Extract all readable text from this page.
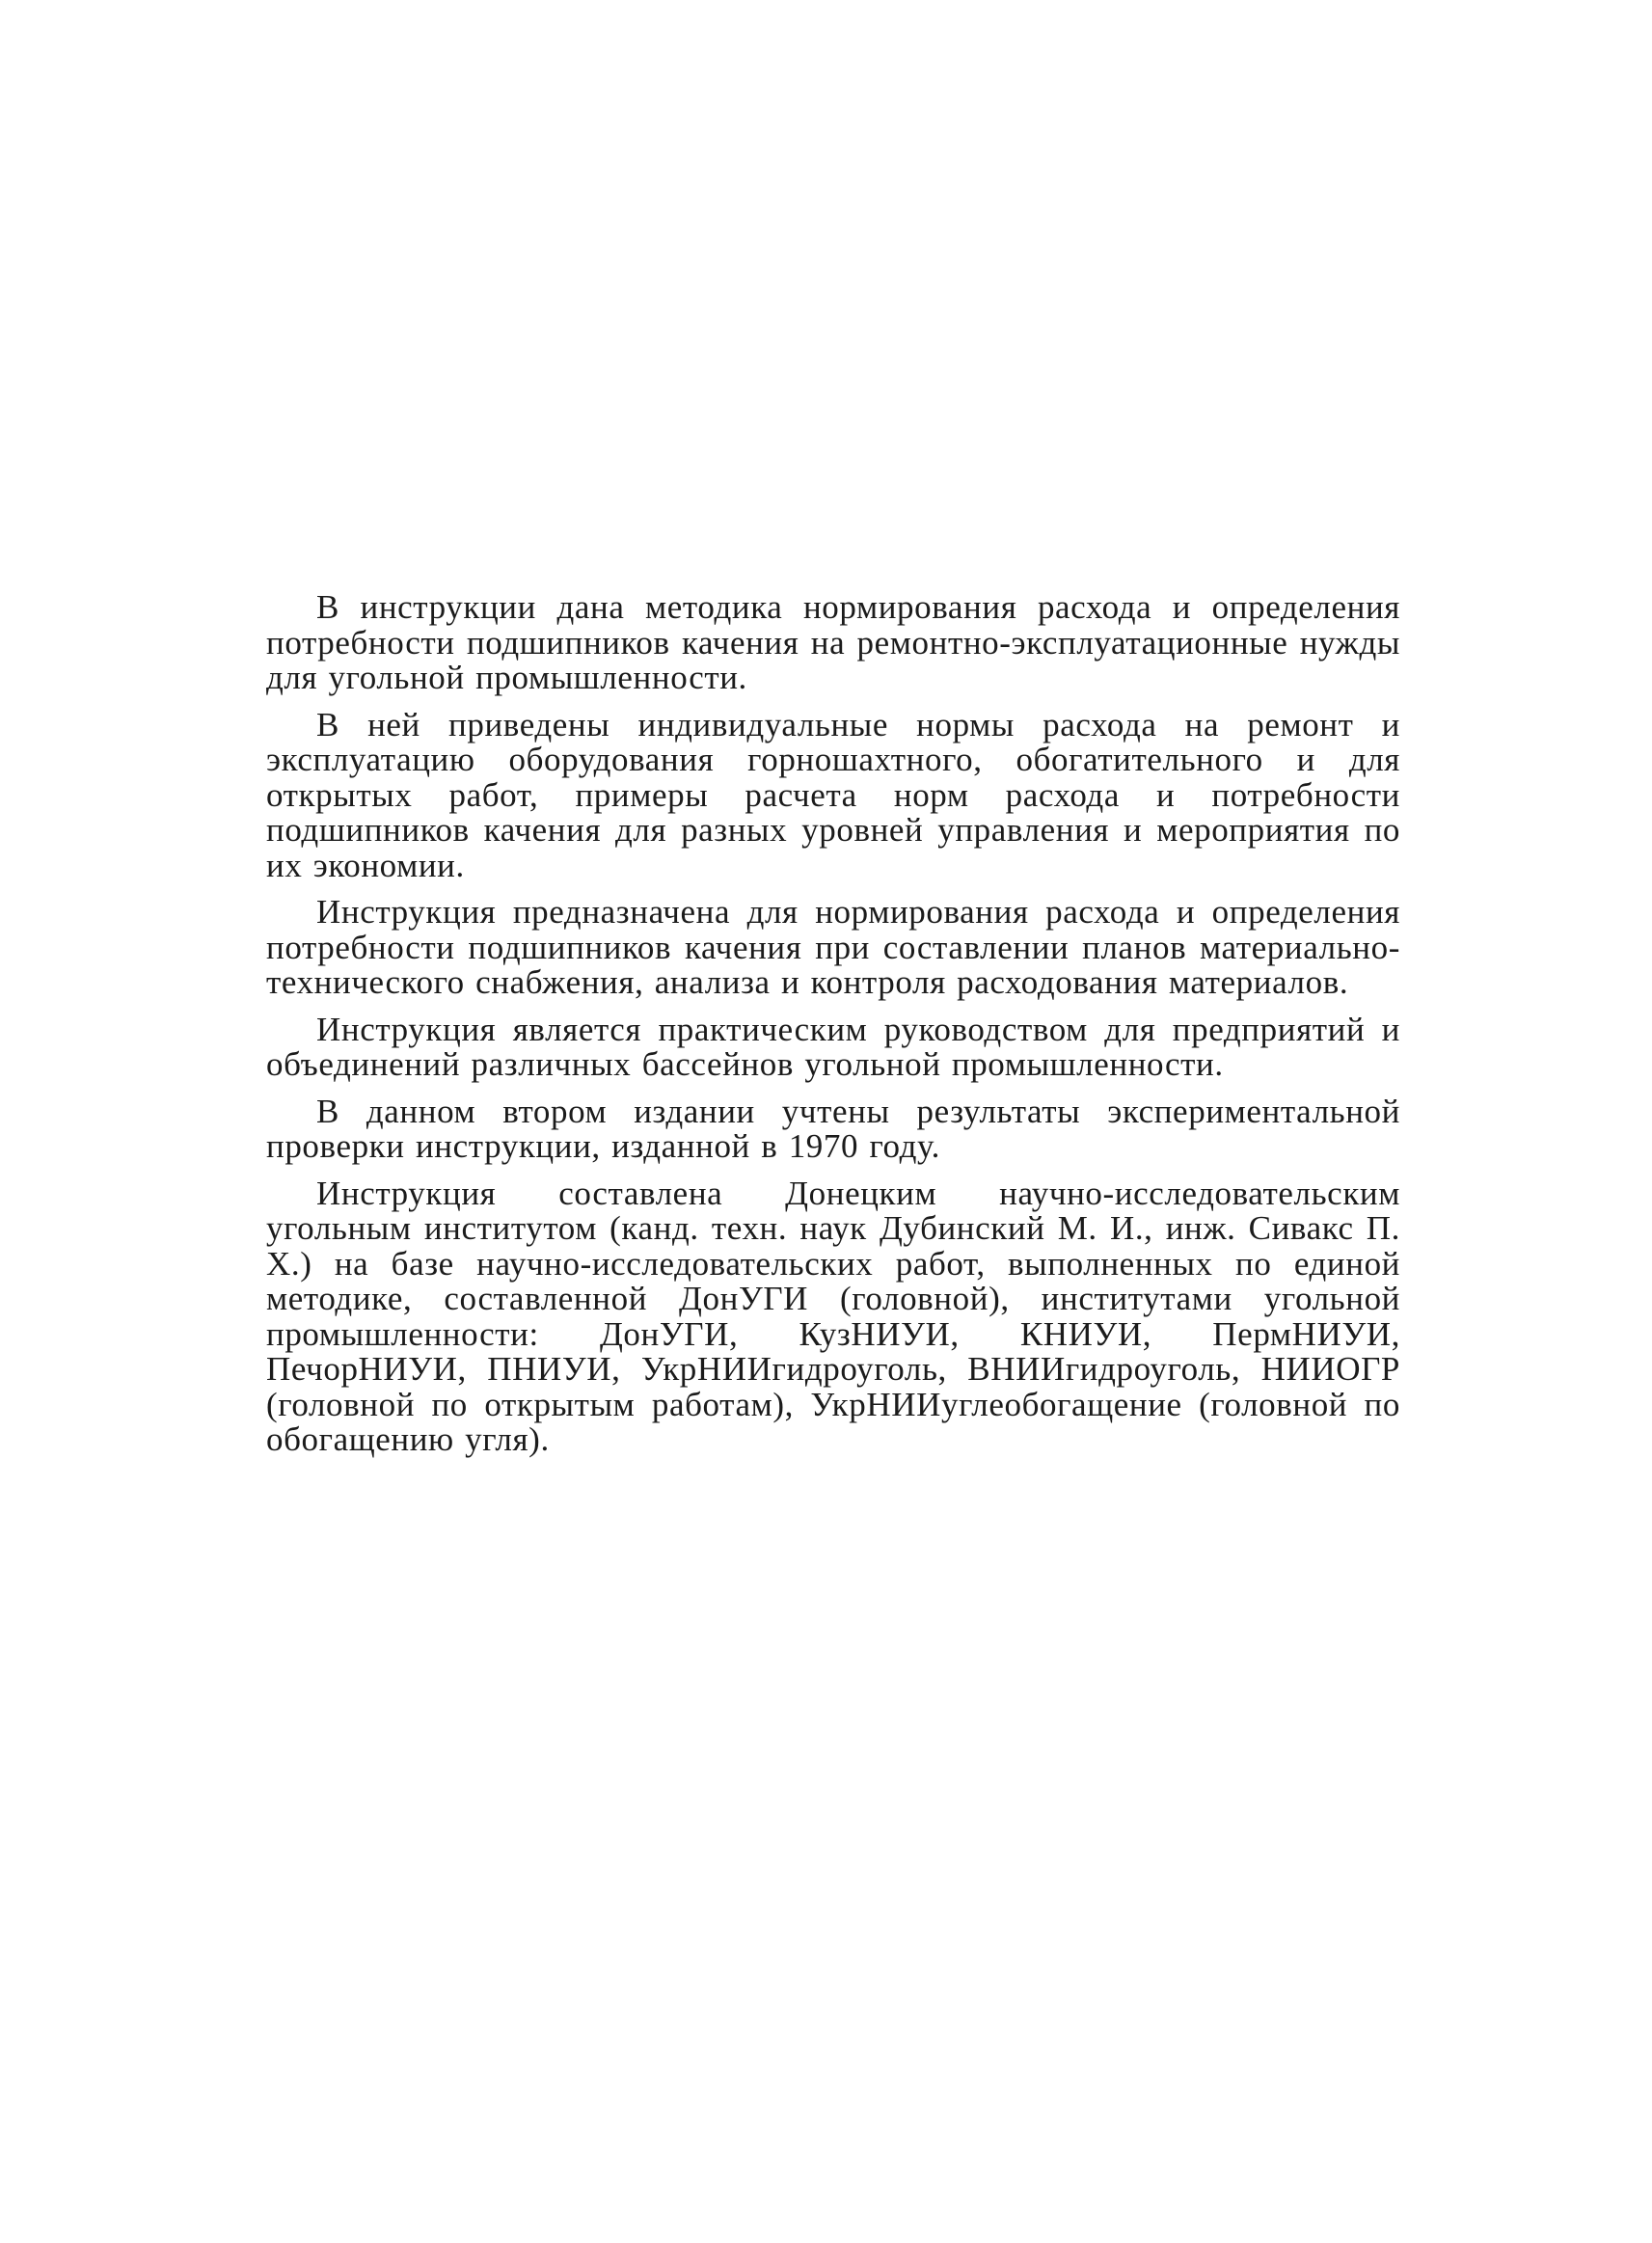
В инструкции дана методика нормирования расхода и определения потребности подшипников качения на ремонтно-эксплуатационные нужды для угольной промышленности.

В ней приведены индивидуальные нормы расхода на ремонт и эксплуатацию оборудования горношахтного, обогатительного и для открытых работ, примеры расчета норм расхода и потребности подшипников качения для разных уровней управления и мероприятия по их экономии.

Инструкция предназначена для нормирования расхода и определения потребности подшипников качения при составлении планов материально-технического снабжения, анализа и контроля расходования материалов.

Инструкция является практическим руководством для предприятий и объединений различных бассейнов угольной промышленности.

В данном втором издании учтены результаты экспериментальной проверки инструкции, изданной в 1970 году.

Инструкция составлена Донецким научно-исследовательским угольным институтом (канд. техн. наук Дубинский М. И., инж. Сивакс П. Х.) на базе научно-исследовательских работ, выполненных по единой методике, составленной ДонУГИ (головной), институтами угольной промышленности: ДонУГИ, КузНИУИ, КНИУИ, ПермНИУИ, ПечорНИУИ, ПНИУИ, УкрНИИгидроуголь, ВНИИгидроуголь, НИИОГР (головной по открытым работам), УкрНИИуглеобогащение (головной по обогащению угля).
